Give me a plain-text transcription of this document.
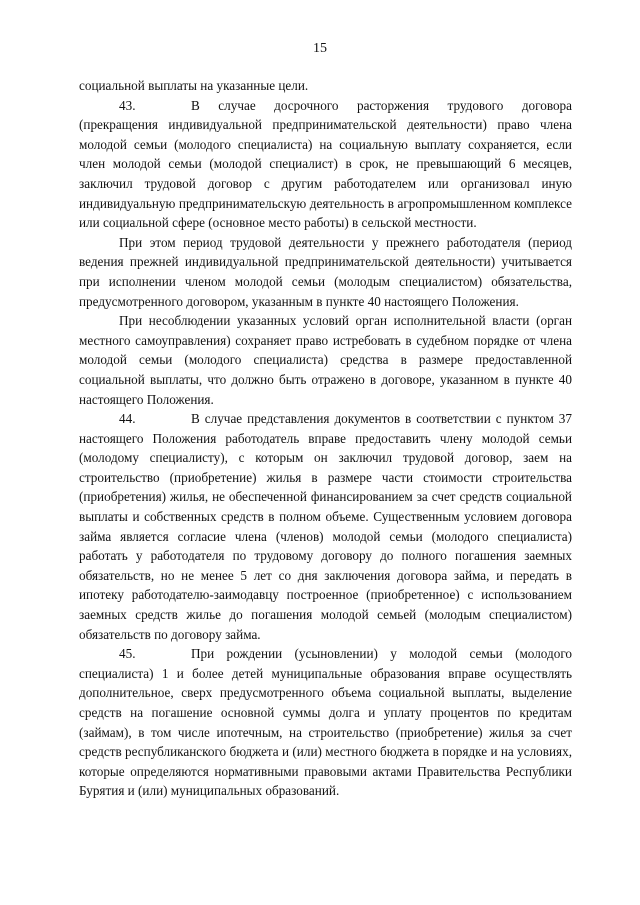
15

социальной выплаты на указанные цели.

43.	В случае досрочного расторжения трудового договора (прекращения индивидуальной предпринимательской деятельности) право члена молодой семьи (молодого специалиста) на социальную выплату сохраняется, если член молодой семьи (молодой специалист) в срок, не превышающий 6 месяцев, заключил трудовой договор с другим работодателем или организовал иную индивидуальную предпринимательскую деятельность в агропромышленном комплексе или социальной сфере (основное место работы) в сельской местности.

При этом период трудовой деятельности у прежнего работодателя (период ведения прежней индивидуальной предпринимательской деятельности) учитывается при исполнении членом молодой семьи (молодым специалистом) обязательства, предусмотренного договором, указанным в пункте 40 настоящего Положения.

При несоблюдении указанных условий орган исполнительной власти (орган местного самоуправления) сохраняет право истребовать в судебном порядке от члена молодой семьи (молодого специалиста) средства в размере предоставленной социальной выплаты, что должно быть отражено в договоре, указанном в пункте 40 настоящего Положения.

44.	В случае представления документов в соответствии с пунктом 37 настоящего Положения работодатель вправе предоставить члену молодой семьи (молодому специалисту), с которым он заключил трудовой договор, заем на строительство (приобретение) жилья в размере части стоимости строительства (приобретения) жилья, не обеспеченной финансированием за счет средств социальной выплаты и собственных средств в полном объеме. Существенным условием договора займа является согласие члена (членов) молодой семьи (молодого специалиста) работать у работодателя по трудовому договору до полного погашения заемных обязательств, но не менее 5 лет со дня заключения договора займа, и передать в ипотеку работодателю-заимодавцу построенное (приобретенное) с использованием заемных средств жилье до погашения молодой семьей (молодым специалистом) обязательств по договору займа.

45.	При рождении (усыновлении) у молодой семьи (молодого специалиста) 1 и более детей муниципальные образования вправе осуществлять дополнительное, сверх предусмотренного объема социальной выплаты, выделение средств на погашение основной суммы долга и уплату процентов по кредитам (займам), в том числе ипотечным, на строительство (приобретение) жилья за счет средств республиканского бюджета и (или) местного бюджета в порядке и на условиях, которые определяются нормативными правовыми актами Правительства Республики Бурятия и (или) муниципальных образований.
